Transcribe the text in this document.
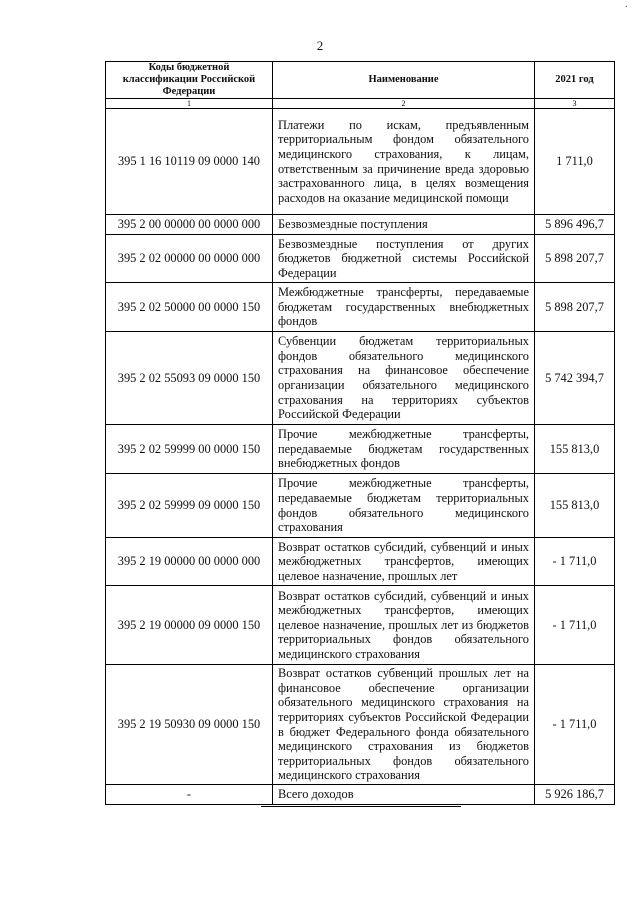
·
2
Коды бюджетной классификации Российской Федерации	Наименование	2021 год
1	2	3
395 1 16 10119 09 0000 140	Платежи по искам, предъявленным территориальным фондом обязательного медицинского страхования, к лицам, ответственным за причинение вреда здоровью застрахованного лица, в целях возмещения расходов на оказание медицинской помощи	1 711,0
395 2 00 00000 00 0000 000	Безвозмездные поступления	5 896 496,7
395 2 02 00000 00 0000 000	Безвозмездные поступления от других бюджетов бюджетной системы Российской Федерации	5 898 207,7
395 2 02 50000 00 0000 150	Межбюджетные трансферты, передаваемые бюджетам государственных внебюджетных фондов	5 898 207,7
395 2 02 55093 09 0000 150	Субвенции бюджетам территориальных фондов обязательного медицинского страхования на финансовое обеспечение организации обязательного медицинского страхования на территориях субъектов Российской Федерации	5 742 394,7
395 2 02 59999 00 0000 150	Прочие межбюджетные трансферты, передаваемые бюджетам государственных внебюджетных фондов	155 813,0
395 2 02 59999 09 0000 150	Прочие межбюджетные трансферты, передаваемые бюджетам территориальных фондов обязательного медицинского страхования	155 813,0
395 2 19 00000 00 0000 000	Возврат остатков субсидий, субвенций и иных межбюджетных трансфертов, имеющих целевое назначение, прошлых лет	- 1 711,0
395 2 19 00000 09 0000 150	Возврат остатков субсидий, субвенций и иных межбюджетных трансфертов, имеющих целевое назначение, прошлых лет из бюджетов территориальных фондов обязательного медицинского страхования	- 1 711,0
395 2 19 50930 09 0000 150	Возврат остатков субвенций прошлых лет на финансовое обеспечение организации обязательного медицинского страхования на территориях субъектов Российской Федерации в бюджет Федерального фонда обязательного медицинского страхования из бюджетов территориальных фондов обязательного медицинского страхования	- 1 711,0
-	Всего доходов	5 926 186,7
